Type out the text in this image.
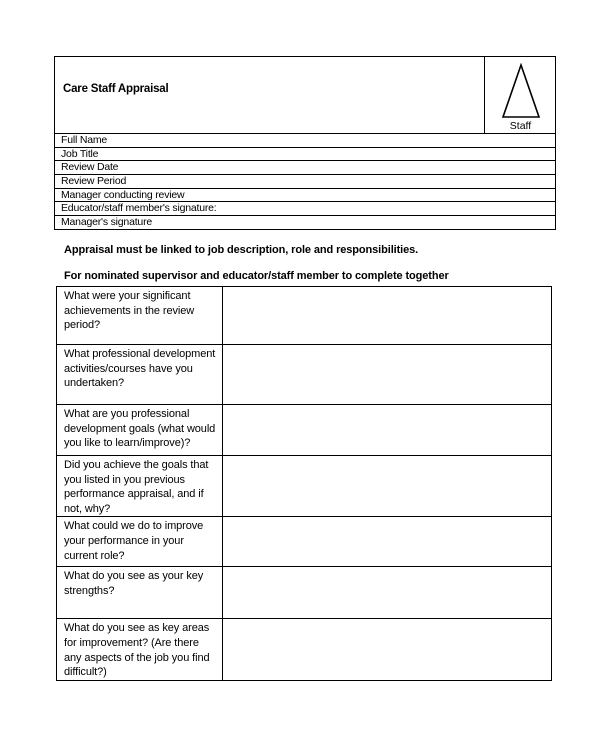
Care Staff Appraisal
Staff
Full Name
Job Title
Review Date
Review Period
Manager conducting review
Educator/staff member's signature:
Manager's signature
Appraisal must be linked to job description, role and responsibilities.
For nominated supervisor and educator/staff member to complete together
What were your significant achievements in the review period?	
What professional development activities/courses have you undertaken?	
What are you professional development goals (what would you like to learn/improve)?	
Did you achieve the goals that you listed in you previous performance appraisal, and if not, why?	
What could we do to improve your performance in your current role?	
What do you see as your key strengths?	
What do you see as key areas for improvement? (Are there any aspects of the job you find difficult?)	
